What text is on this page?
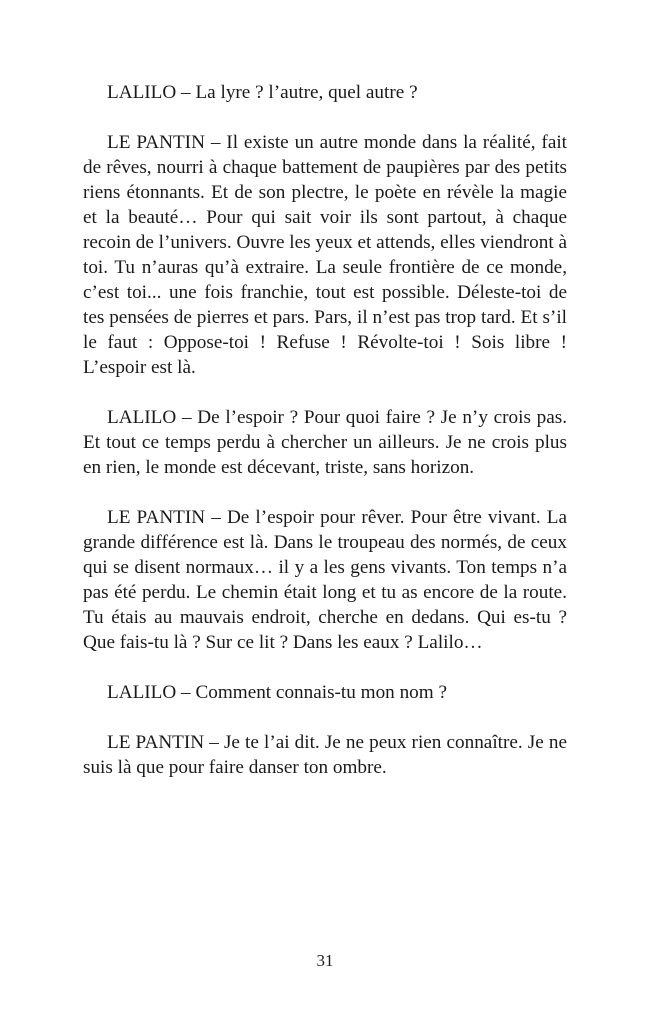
LALILO – La lyre ? l’autre, quel autre ?

LE PANTIN – Il existe un autre monde dans la réalité, fait de rêves, nourri à chaque battement de paupières par des petits riens étonnants. Et de son plectre, le poète en révèle la magie et la beauté… Pour qui sait voir ils sont partout, à chaque recoin de l’univers. Ouvre les yeux et attends, elles viendront à toi. Tu n’auras qu’à extraire. La seule frontière de ce monde, c’est toi... une fois franchie, tout est possible. Déleste-toi de tes pensées de pierres et pars. Pars, il n’est pas trop tard. Et s’il le faut : Oppose-toi ! Refuse ! Révolte-toi ! Sois libre ! L’espoir est là.

LALILO – De l’espoir ? Pour quoi faire ? Je n’y crois pas. Et tout ce temps perdu à chercher un ailleurs. Je ne crois plus en rien, le monde est décevant, triste, sans horizon.

LE PANTIN – De l’espoir pour rêver. Pour être vivant. La grande différence est là. Dans le troupeau des normés, de ceux qui se disent normaux… il y a les gens vivants. Ton temps n’a pas été perdu. Le chemin était long et tu as encore de la route. Tu étais au mauvais endroit, cherche en dedans. Qui es-tu ? Que fais-tu là ? Sur ce lit ? Dans les eaux ? Lalilo…

LALILO – Comment connais-tu mon nom ?

LE PANTIN – Je te l’ai dit. Je ne peux rien connaître. Je ne suis là que pour faire danser ton ombre.

31
